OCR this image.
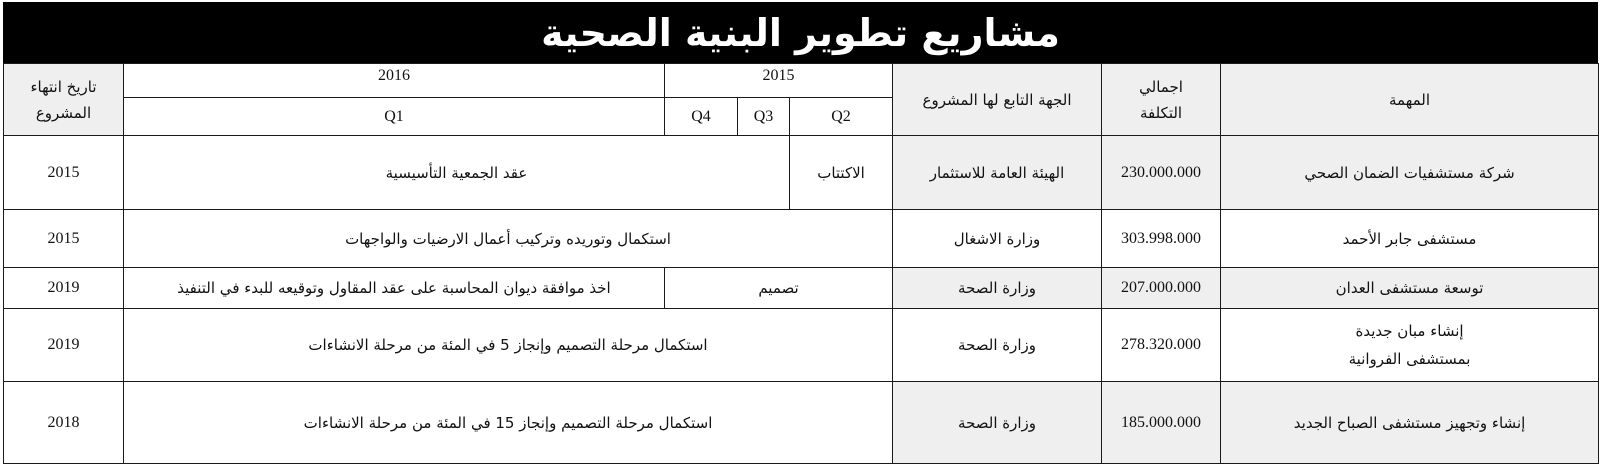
مشاريع تطوير البنية الصحية
تاريخ انتهاء المشروع	2016	2015			الجهة التابع لها المشروع	اجمالي التكلفة	المهمة
	Q1	Q4	Q3	Q2			
2015	عقد الجمعية التأسيسية			الاكتتاب	الهيئة العامة للاستثمار	230.000.000	شركة مستشفيات الضمان الصحي
2015	استكمال وتوريده وتركيب أعمال الارضيات والواجهات				وزارة الاشغال	303.998.000	مستشفى جابر الأحمد
2019	اخذ موافقة ديوان المحاسبة على عقد المقاول وتوقيعه للبدء في التنفيذ	تصميم			وزارة الصحة	207.000.000	توسعة مستشفى العدان
2019	استكمال مرحلة التصميم وإنجاز 5 في المئة من مرحلة الانشاءات				وزارة الصحة	278.320.000	إنشاء مبان جديدة
بمستشفى الفروانية

2018	استكمال مرحلة التصميم وإنجاز 15 في المئة من مرحلة الانشاءات				وزارة الصحة	185.000.000	إنشاء وتجهيز مستشفى الصباح الجديد
